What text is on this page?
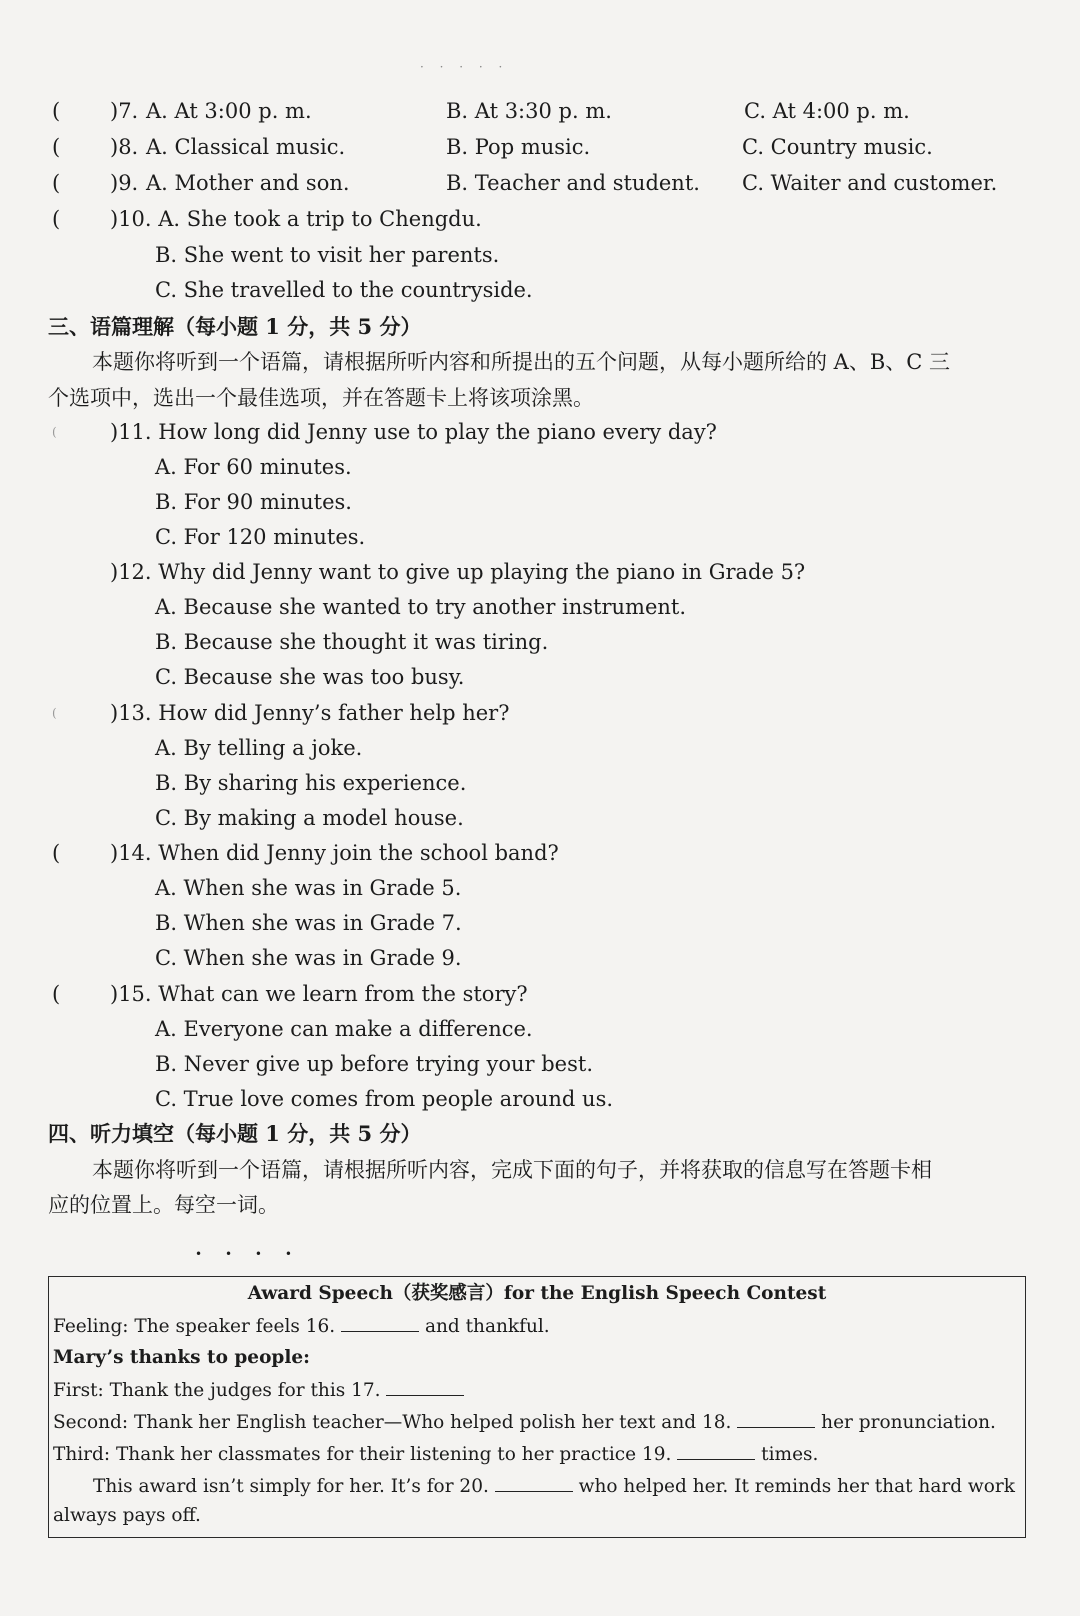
· · · · ·
( )7. A. At 3:00 p. m.	B. At 3:30 p. m.	C. At 4:00 p. m.
( )8. A. Classical music.	B. Pop music.	C. Country music.
( )9. A. Mother and son.	B. Teacher and student. C. Waiter and customer.
( )10. A. She took a trip to Chengdu.
B. She went to visit her parents.
C. She travelled to the countryside.
三、语篇理解（每小题 1 分，共 5 分）
本题你将听到一个语篇，请根据所听内容和所提出的五个问题，从每小题所给的 A、B、C 三
个选项中，选出一个最佳选项，并在答题卡上将该项涂黑。
(	)11. How long did Jenny use to play the piano every day?
A. For 60 minutes.
B. For 90 minutes.
C. For 120 minutes.
)12. Why did Jenny want to give up playing the piano in Grade 5?
A. Because she wanted to try another instrument.
B. Because she thought it was tiring.
C. Because she was too busy.
(	)13. How did Jenny’s father help her?
A. By telling a joke.
B. By sharing his experience.
C. By making a model house.
( )14. When did Jenny join the school band?
A. When she was in Grade 5.
B. When she was in Grade 7.
C. When she was in Grade 9.
( )15. What can we learn from the story?
A. Everyone can make a difference.
B. Never give up before trying your best.
C. True love comes from people around us.
四、听力填空（每小题 1 分，共 5 分）
本题你将听到一个语篇，请根据所听内容，完成下面的句子，并将获取的信息写在答题卡相
应的位置上。每空一词。
•      •      •      •
Award Speech（获奖感言）for the English Speech Contest
Feeling: The speaker feels 16.	and thankful.
Mary’s thanks to people:
First: Thank the judges for this 17.
Second: Thank her English teacher—Who helped polish her text and 18.	her pronunciation.
Third: Thank her classmates for their listening to her practice 19.	times.
This award isn’t simply for her. It’s for 20.	who helped her. It reminds her that hard work
always pays off.
